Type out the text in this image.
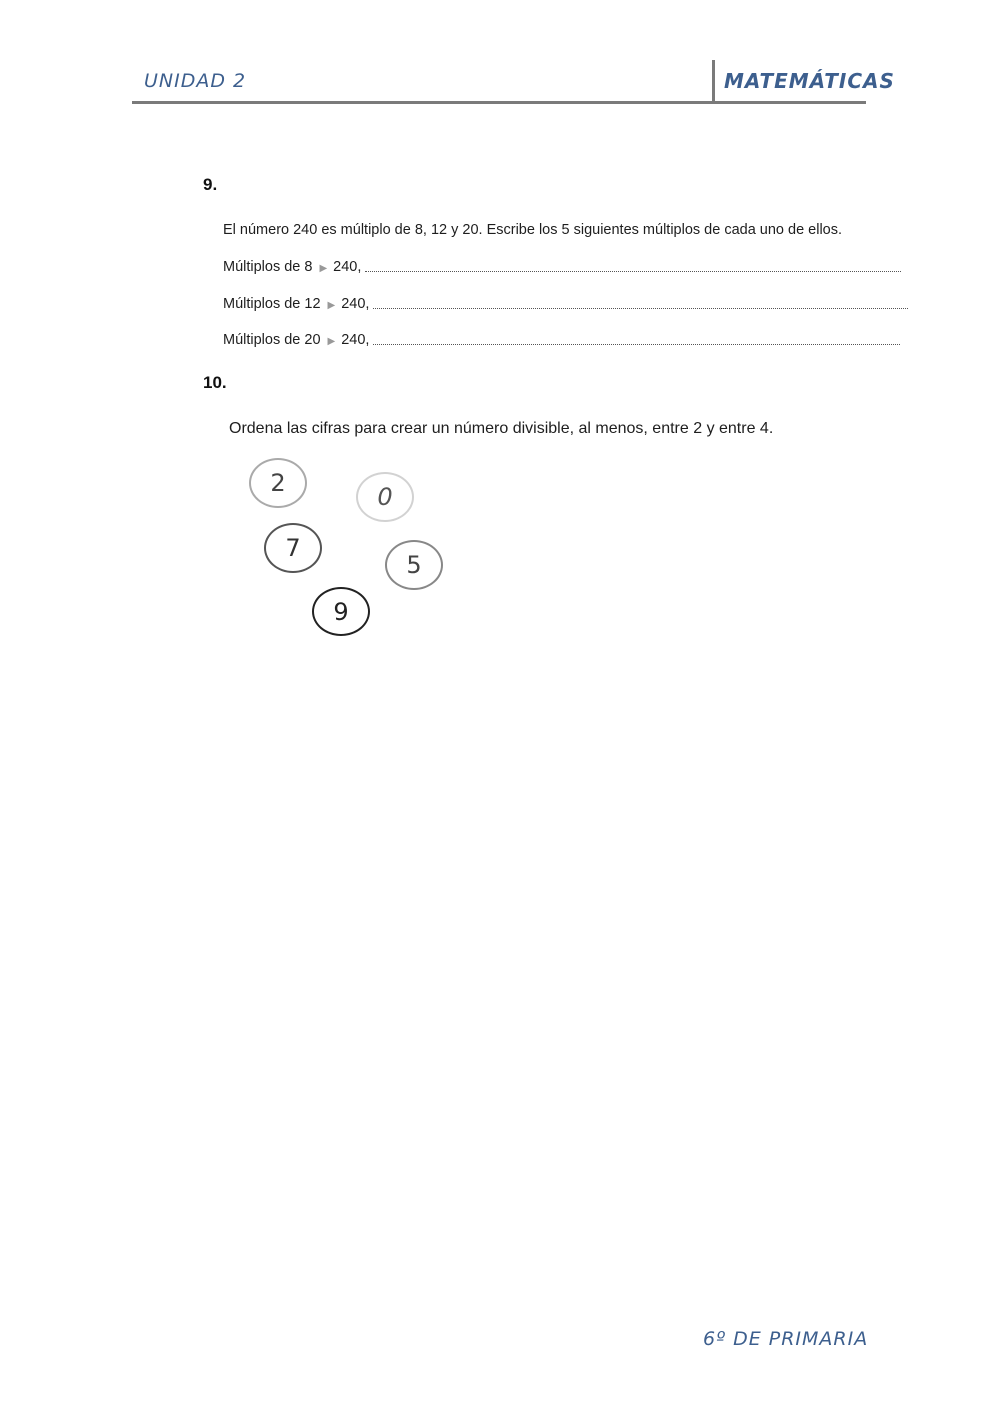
UNIDAD 2	MATEMÁTICAS
9.
El número 240 es múltiplo de 8, 12 y 20. Escribe los 5 siguientes múltiplos de cada uno de ellos.
Múltiplos de 8 ▶ 240,
Múltiplos de 12 ▶ 240,
Múltiplos de 20 ▶ 240,
10.
Ordena las cifras para crear un número divisible, al menos, entre 2 y entre 4.
2	0
7
5
9
6º DE PRIMARIA
